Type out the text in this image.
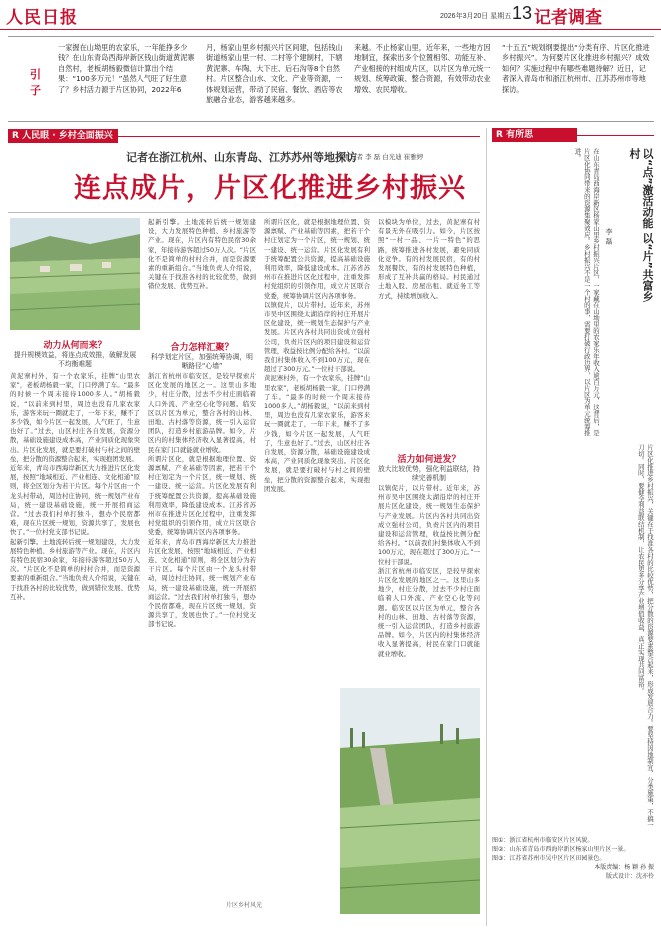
人民日报	2026年3月20日 星期五 13 记者调查
引子
一家握在山坳里的农家乐，一年能挣多少钱？在山东青岛西海岸新区钱山街道黄泥寨自然村，老板胡杨毅微信计算出个结果：“100多万元！”虽然人气旺了好生意了？乡村活力源于片区协同，2022年6
月，杨家山里乡村振兴片区间建，包括钱山街道杨家山里一村、二村等个建制村，下辖黄泥寨、车陶、大下庄、后石沟等8个自然村。片区整合山水、文化、产业等资源，一体规划运营，带动了民宿、餐饮、酒店等农旅融合业态，游客越来越多。
来越。不止杨家山里，近年来，一些地方因地制宜，探索出多个位置相邻、功能互补、产业相接的村组成片区，以片区为单元统一规划、统筹政策、整合资源，有效带动农业增效、农民增收。
“十五五”规划纲要提出“分类有序、片区化推进乡村振兴”。为何要片区化推进乡村振兴？成效如何？实施过程中有哪些难题待解？近日，记者深入青岛市和浙江杭州市、江苏苏州市等地探访。
R 人民眼 · 乡村全面振兴
记者在浙江杭州、山东青岛、江苏苏州等地探访
本报记者 李 磊 白光迪 崔雅婷
连点成片，片区化推进乡村振兴
动力从何而来？
提升规模效益，将连点成效推，破解发展不均衡难题
黄泥寨村外，有一个农家乐，挂牌“山里农家”，老板胡杨毅一家，门口停满了车。“最多的时候一个周末接待1000多人。”胡杨毅说，“以前来到村里，周边也没有几家农家乐，游客来玩一圈就走了，一年下来，赚不了多少钱，如今片区一起发展，人气旺了，生意也好了。”过去，山区村庄各自发展，资源分散，基础设施建设成本高，产业同质化现象突出。片区化发展，就是要打破村与村之间的壁垒，把分散的资源整合起来，实现抱团发展。
近年来，青岛市西海岸新区大力推进片区化发展，按照“地域相近、产业相连、文化相通”原则，将全区划分为若干片区。每个片区由一个龙头村带动，周边村庄协同，统一规划产业布局，统一建设基础设施，统一开展招商运营。“过去我们村单打独斗，想办个民宿都难，现在片区统一规划，资源共享了，发展也快了。”一位村党支部书记说。
起新引擎。土地流转后统一规划建设，大力发展特色种植、乡村旅游等产业。现在，片区内有特色民宿30余家，年接待游客超过50万人次。“片区化不是简单的村村合并，而是资源要素的重新组合。”当地负责人介绍说，关键在于找准各村的比较优势，做到错位发展、优势互补。
起新引擎。土地流转后统一规划建设，大力发展特色种植、乡村旅游等产业。现在，片区内有特色民宿30余家，年接待游客超过50万人次。“片区化不是简单的村村合并，而是资源要素的重新组合。”当地负责人介绍说，关键在于找准各村的比较优势，做到错位发展、优势互补。
合力怎样汇聚？
科学划定片区，加强统筹协调，明晰路径“心墙”
浙江省杭州市临安区，是较早探索片区化发展的地区之一。这里山多地少，村庄分散，过去不少村庄面临着人口外流、产业空心化等问题。临安区以片区为单元，整合各村的山林、田地、古村落等资源，统一引入运营团队，打造乡村旅游品牌。如今，片区内的村集体经济收入显著提高，村民在家门口就能就业增收。
所谓片区化，就是根据地理位置、资源禀赋、产业基础等因素，把若干个村庄划定为一个片区，统一规划、统一建设、统一运营。片区化发展有利于统筹配置公共资源，提高基础设施利用效率，降低建设成本。江苏省苏州市在推进片区化过程中，注重发挥村党组织的引领作用，成立片区联合党委，统筹协调片区内各项事务。
近年来，青岛市西海岸新区大力推进片区化发展，按照“地域相近、产业相连、文化相通”原则，将全区划分为若干片区。每个片区由一个龙头村带动，周边村庄协同，统一规划产业布局，统一建设基础设施，统一开展招商运营。“过去我们村单打独斗，想办个民宿都难，现在片区统一规划，资源共享了，发展也快了。”一位村党支部书记说。
所谓片区化，就是根据地理位置、资源禀赋、产业基础等因素，把若干个村庄划定为一个片区，统一规划、统一建设、统一运营。片区化发展有利于统筹配置公共资源，提高基础设施利用效率，降低建设成本。江苏省苏州市在推进片区化过程中，注重发挥村党组织的引领作用，成立片区联合党委，统筹协调片区内各项事务。
以镇促片，以片带村。近年来，苏州市吴中区围绕太湖沿岸的村庄开展片区化建设，统一规划生态保护与产业发展。片区内各村共同出资成立强村公司，负责片区内的项目建设和运营管理，收益按比例分配给各村。“以前我们村集体收入不到100万元，现在超过了300万元。”一位村干部说。
黄泥寨村外，有一个农家乐，挂牌“山里农家”，老板胡杨毅一家，门口停满了车。“最多的时候一个周末接待1000多人。”胡杨毅说，“以前来到村里，周边也没有几家农家乐，游客来玩一圈就走了，一年下来，赚不了多少钱，如今片区一起发展，人气旺了，生意也好了。”过去，山区村庄各自发展，资源分散，基础设施建设成本高，产业同质化现象突出。片区化发展，就是要打破村与村之间的壁垒，把分散的资源整合起来，实现抱团发展。
以模块为单位，过去，黄泥寨有村有景无外在吸引力。如今，片区按照“一村一品、一片一特色”的思路，统筹推进各村发展，避免同质化竞争。有的村发展民宿，有的村发展餐饮，有的村发展特色种植，形成了互补共赢的格局。村民通过土地入股、房屋出租、就近务工等方式，持续增加收入。
活力如何迸发？
放大比较优势，强化利益联结，持续完善机制
以镇促片，以片带村。近年来，苏州市吴中区围绕太湖沿岸的村庄开展片区化建设，统一规划生态保护与产业发展。片区内各村共同出资成立强村公司，负责片区内的项目建设和运营管理，收益按比例分配给各村。“以前我们村集体收入不到100万元，现在超过了300万元。”一位村干部说。
浙江省杭州市临安区，是较早探索片区化发展的地区之一。这里山多地少，村庄分散，过去不少村庄面临着人口外流、产业空心化等问题。临安区以片区为单元，整合各村的山林、田地、古村落等资源，统一引入运营团队，打造乡村旅游品牌。如今，片区内的村集体经济收入显著提高，村民在家门口就能就业增收。
片区乡村风光
R 有所思
以“点”激活动能 以“片”共富乡村
李 磊
在山东青岛西海岸新区杨家山里乡村振兴片区，一家藏在山坳里的农家乐年收入逾百万元，这背后，是片区化协同带来的资源集聚效应。乡村振兴不是一个村的事，需要打破行政边界，以片区为单元统筹推进。
片区化推进乡村振兴，关键在于找准各村的比较优势，把分散的资源要素整合起来，形成发展合力。要坚持因地制宜、分类施策，不搞一刀切。同时，要健全利益联结机制，让农民更多分享产业增值收益，真正实现共同富裕。
图①：浙江省杭州市临安区片区风貌。
图②：山东省青岛市西海岸新区杨家山里片区一景。
图③：江苏省苏州市吴中区片区田园景色。
本版责编：杨 颖 孙 振
版式设计：沈亦伶
